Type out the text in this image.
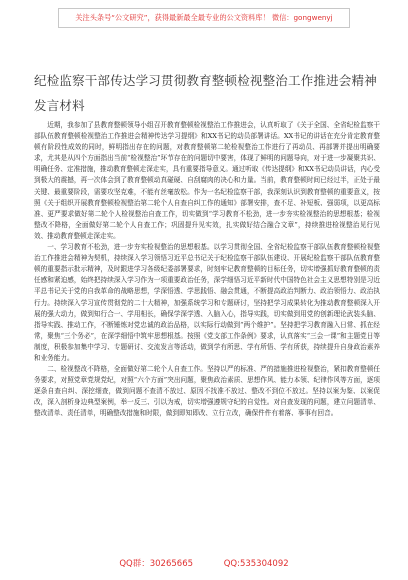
关注头条号“公文研究”，获得最新最全最专业的公文资料库！ 微信：gongwenyj
纪检监察干部传达学习贯彻教育整顿检视整治工作推进会精神发言材料

近期，我参加了县教育整顿领导小组召开教育整顿检视整治工作推进会，认真听取了《关于全国、全省纪检监察干部队伍教育整顿检视整治工作推进会精神传达学习提纲》和XX书记的动员部署讲话。XX书记的讲话在充分肯定教育整顿有阶段性成效的同时，鲜明指出存在的问题，对教育整顿第二轮检视整治工作进行了再动员、再部署并提出明确要求，尤其是从四个方面指出当前“检视整治”环节存在的问题切中要害，体现了鲜明的问题导向，对于进一步凝聚共识、明确任务、定准措施，推动教育整顿走深走实，具有重要指导意义。通过听取《传达提纲》和XX书记动员讲话，内心受到极大的震撼，再一次体会到了教育整顿动真碰硬、自刮腐肉的决心和力量。当前，教育整顿时间已经过半，正处于最关键、最重要阶段，需要攻坚克难，不能有丝毫放松。作为一名纪检监察干部，我深刻认识到教育整顿的重要意义，按照《关于组织开展教育整顿检视整治第二轮个人自查自纠工作的通知》部署安排，查不足、补短板、强弱项，以更高标准、更严要求做好第二轮个人检视整治自查工作，切实做到“学习教育不松劲，进一步夯实检视整治的思想根基；检视整改不降格，全面做好第二轮个人自查工作；巩固提升见实效，扎实做好结合融合文章”，持续推进检视整治见行见效、推动教育整顿走深走实。

一、学习教育不松劲，进一步夯实检视整治的思想根基。以学习贯彻全国、全省纪检监察干部队伍教育整顿检视整治工作推进会精神为契机，持续深入学习领悟习近平总书记关于纪检监察干部队伍建设、开展纪检监察干部队伍教育整顿的重要指示批示精神，及时跟进学习各级纪委部署要求，时刻牢记教育整顿的目标任务，切实增强抓好教育整顿的责任感和紧迫感，始终把持续深入学习作为一项重要政治任务，深学细悟习近平新时代中国特色社会主义思想特别是习近平总书记关于党的自我革命的战略思想，学深悟透、学思践悟、融会贯通，不断提高政治判断力、政治领悟力、政治执行力。持续深入学习宣传贯彻党的二十大精神，加强系统学习和专题研讨，坚持把学习成果转化为推动教育整顿深入开展的强大动力，做到知行合一、学用相长，确保学深学透、入脑入心，指导实践，切实做到用党的创新理论武装头脑、指导实践、推动工作，不断锤炼对党忠诚的政治品格，以实际行动做到“两个维护”。坚持把学习教育融入日常、抓在经常，聚焦“三个务必”，在深学细悟中筑牢思想根基。按照《党支部工作条例》要求，认真落实“三会一课”和主题党日等制度，积极参加集中学习、专题研讨、交流发言等活动，做到学有所思、学有所悟、学有所获，持续提升自身政治素养和业务能力。

二、检视整改不降格，全面做好第二轮个人自查工作。坚持以严的标准、严的措施推进检视整治，紧扣教育整顿任务要求，对照党章党规党纪，对照“六个方面”突出问题，聚焦政治素质、思想作风、能力本领、纪律作风等方面，逐项逐条自查自纠、深挖细查，做到问题不查清不放过、原因不找准不放过、整改不到位不放过。坚持以案为鉴、以案促改，深入剖析身边典型案例，举一反三、引以为戒，切实增强遵规守纪的自觉性。对自查发现的问题，建立问题清单、整改清单、责任清单，明确整改措施和时限，做到即知即改、立行立改，确保件件有着落、事事有回音。

QQ群：30265665	QQ:535304092
